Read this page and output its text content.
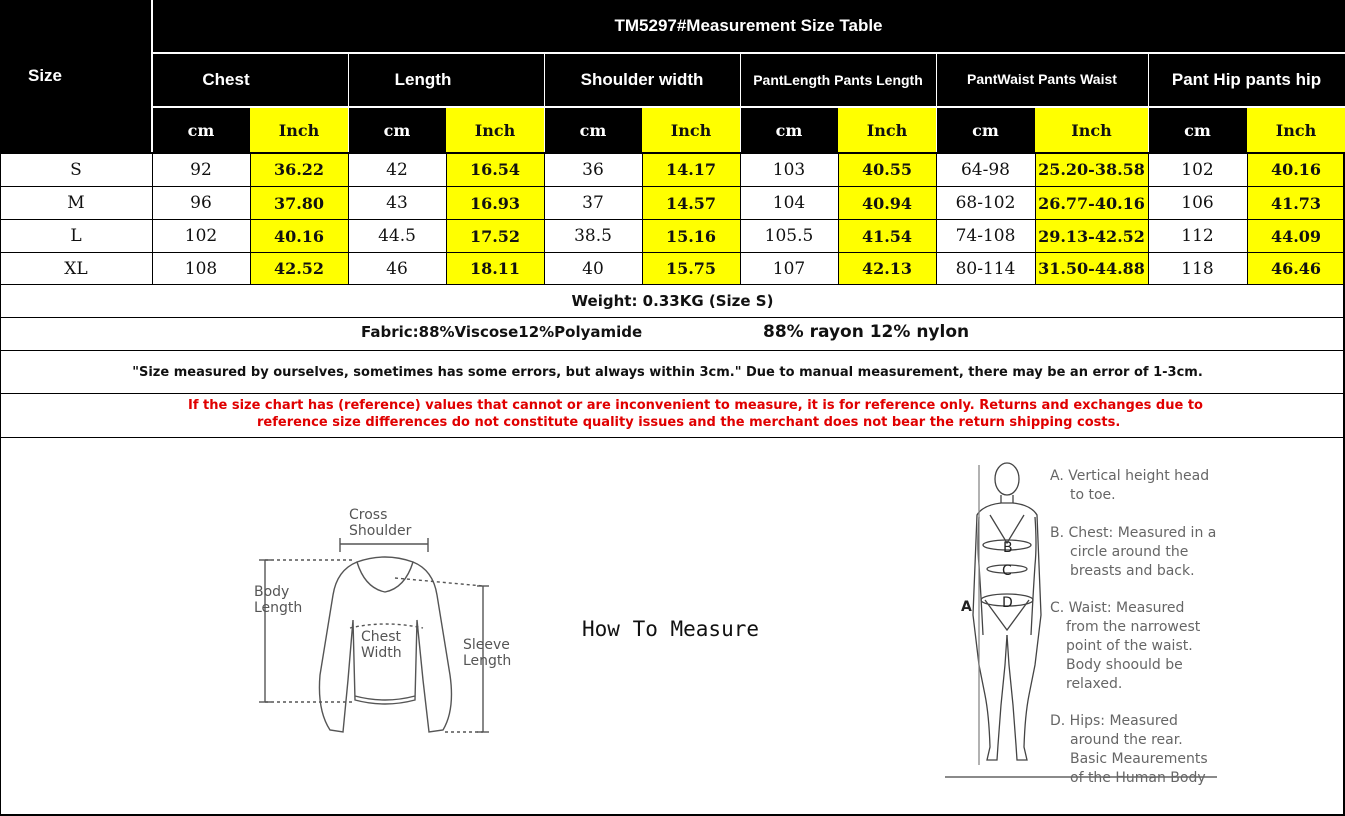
Size
TM5297#Measurement Size Table
Chest	Length	Shoulder width	PantLength Pants Length	PantWaist Pants Waist	Pant Hip pants hip
cm	Inch	cm	Inch	cm	Inch	cm	Inch	cm	Inch	cm	Inch
S	92	36.22	42	16.54	36	14.17	103	40.55	64-98	25.20-38.58	102	40.16
M	96	37.80	43	16.93	37	14.57	104	40.94	68-102	26.77-40.16	106	41.73
L	102	40.16	44.5	17.52	38.5	15.16	105.5	41.54	74-108	29.13-42.52	112	44.09
XL	108	42.52	46	18.11	40	15.75	107	42.13	80-114	31.50-44.88	118	46.46
Weight: 0.33KG (Size S)
Fabric:88%Viscose12%Polyamide	88% rayon 12% nylon
"Size measured by ourselves, sometimes has some errors, but always within 3cm." Due to manual measurement, there may be an error of 1-3cm.
If the size chart has (reference) values that cannot or are inconvenient to measure, it is for reference only. Returns and exchanges due to
reference size differences do not constitute quality issues and the merchant does not bear the return shipping costs.
Cross
Shoulder
Body
Length
Chest
Width	Sleeve
Length
How To Measure
A
B
C
D
A. Vertical height head
to toe.
B. Chest: Measured in a
circle around the
breasts and back.
C. Waist: Measured
from the narrowest
point of the waist.
Body shoould be
relaxed.
D. Hips: Measured
around the rear.
Basic Meaurements
of the Human Body
